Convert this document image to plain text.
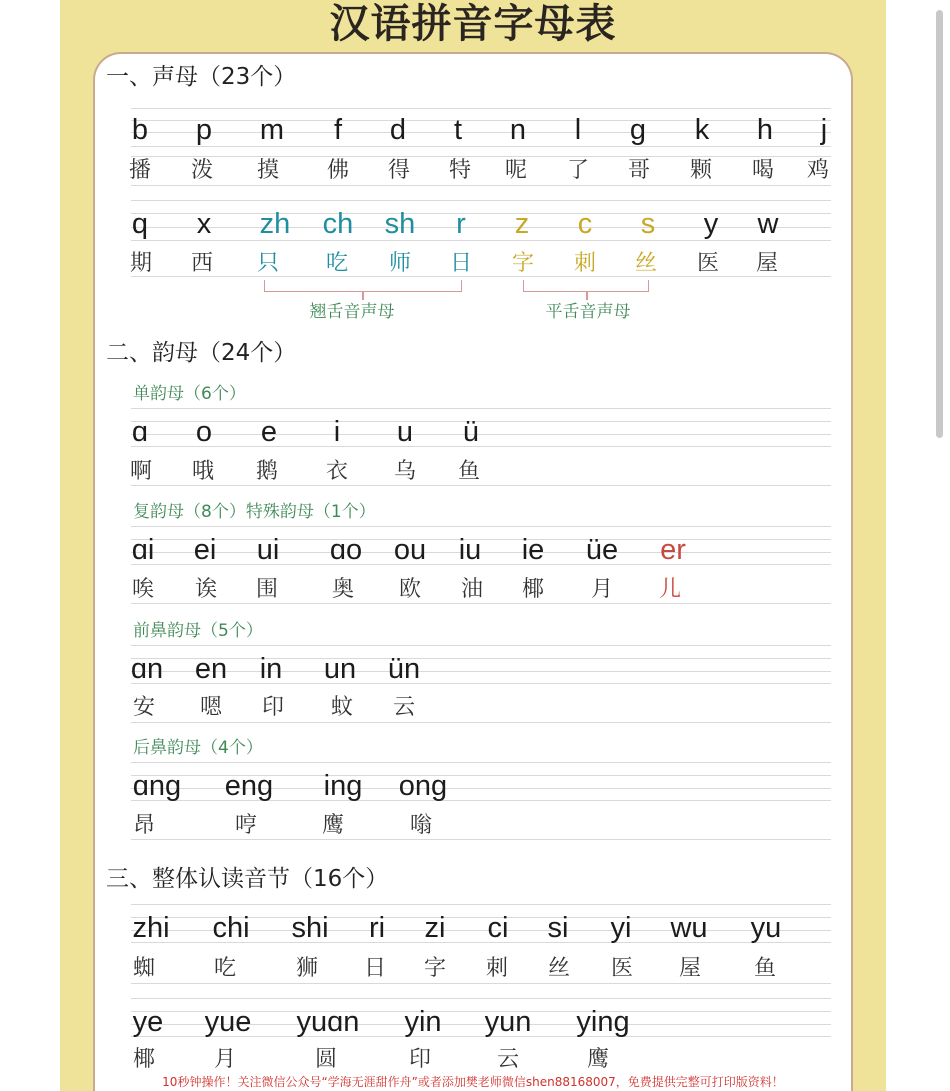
汉语拼音字母表
一、声母（23个）
二、韵母（24个）
三、整体认读音节（16个）
单韵母（6个）
复韵母（8个）特殊韵母（1个）
前鼻韵母（5个）
后鼻韵母（4个）
翘舌音声母	平舌音声母
b p m f d t n l g k h j
播 泼 摸 佛 得 特 呢 了 哥 颗 喝 鸡
q x zh ch sh r z c s y w
期 西 只 吃 师 日 字 刺 丝 医 屋
ɑ o e i u ü
啊 哦 鹅 衣 乌 鱼
ɑi ei ui ɑo ou iu ie üe er
唉 诶 围 奥 欧 油 椰 月 儿
ɑn en in un ün
安 嗯 印 蚊 云
ɑng eng ing ong
昂	哼	鹰	嗡
zhi chi shi ri zi ci si yi wu yu
蜘	吃	狮 日 字 刺 丝 医 屋 鱼
ye yue yuɑn yin yun ying
椰	月	圆	印	云	鹰
10秒钟操作！关注微信公众号“学海无涯甜作舟”或者添加樊老师微信shen88168007，免费提供完整可打印版资料！
